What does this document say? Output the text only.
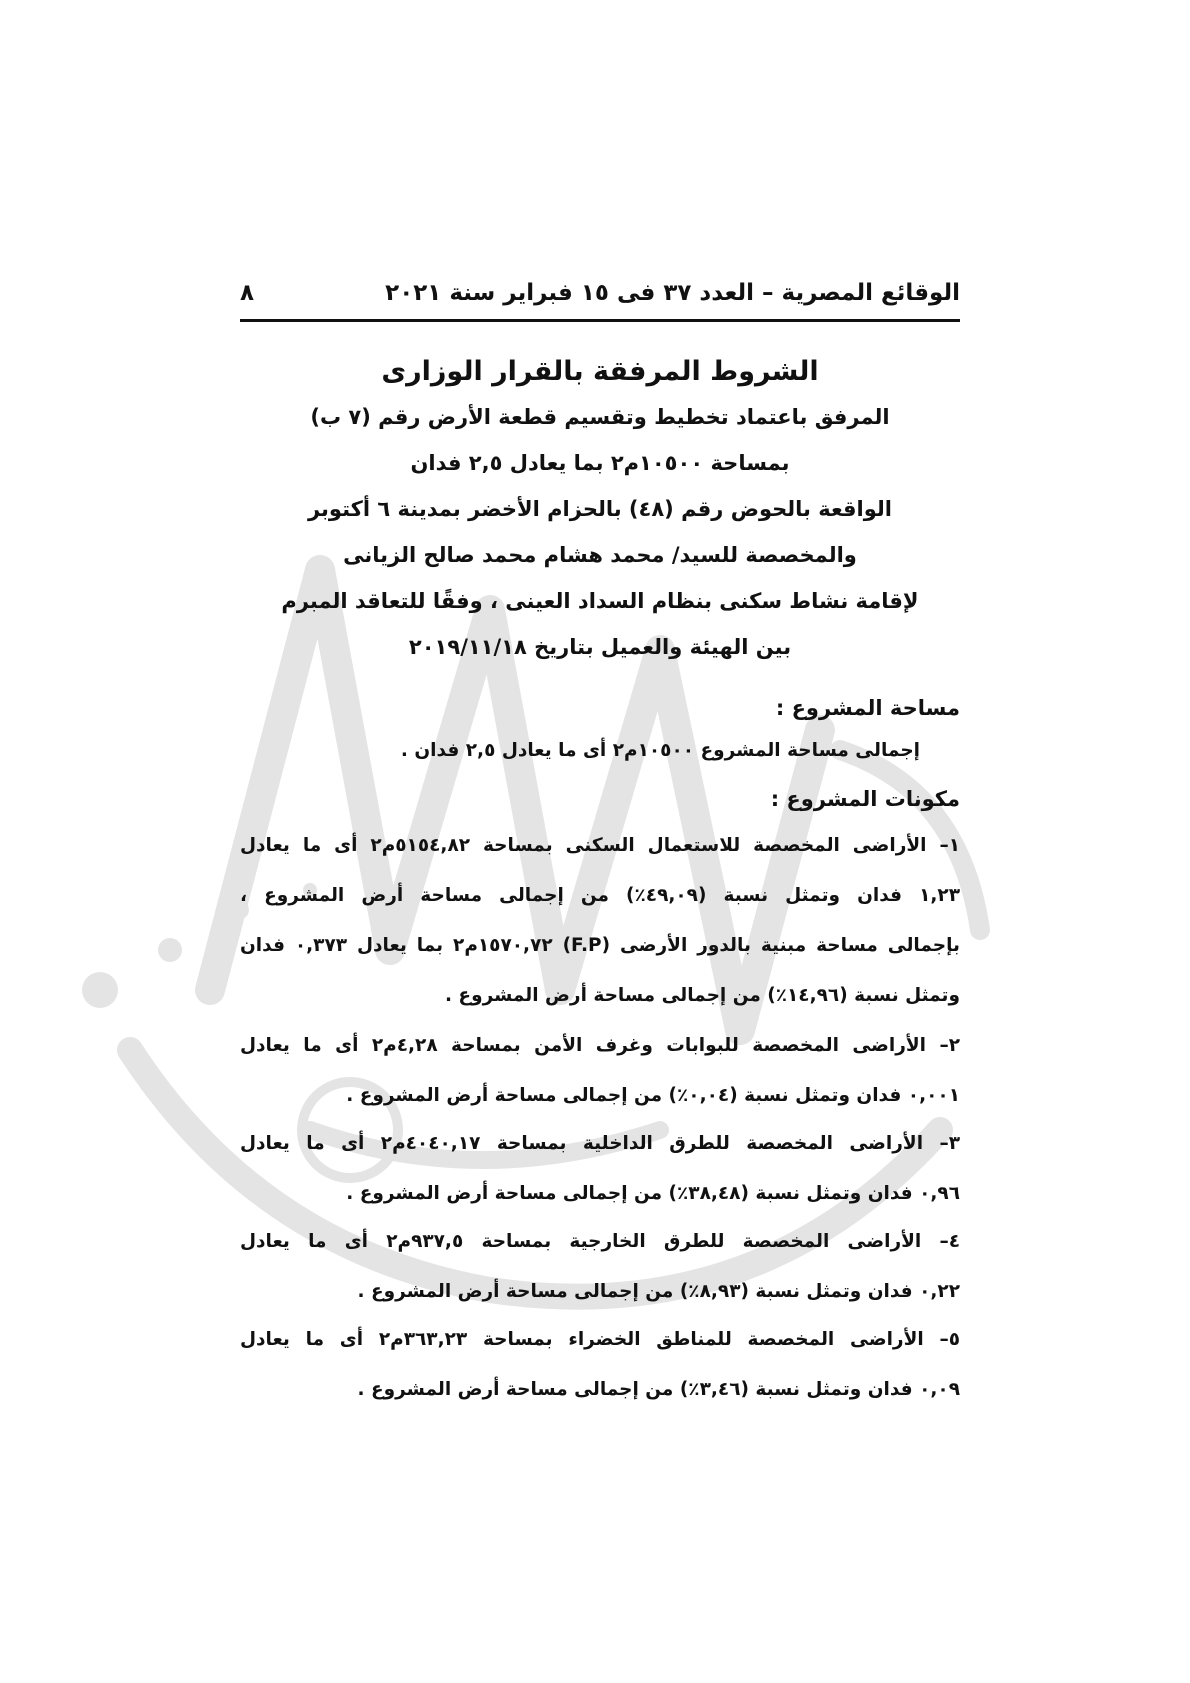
الوقائع المصرية – العدد ٣٧ فى ١٥ فبراير سنة ٢٠٢١
٨

الشروط المرفقة بالقرار الوزارى

المرفق باعتماد تخطيط وتقسيم قطعة الأرض رقم (٧ ب)

بمساحة ١٠٥٠٠م٢ بما يعادل ٢,٥ فدان

الواقعة بالحوض رقم (٤٨) بالحزام الأخضر بمدينة ٦ أكتوبر

والمخصصة للسيد/ محمد هشام محمد صالح الزيانى

لإقامة نشاط سكنى بنظام السداد العينى ، وفقًا للتعاقد المبرم

بين الهيئة والعميل بتاريخ ٢٠١٩/١١/١٨

مساحة المشروع :
إجمالى مساحة المشروع ١٠٥٠٠م٢ أى ما يعادل ٢,٥ فدان .
مكونات المشروع :
١– الأراضى المخصصة للاستعمال السكنى بمساحة ٥١٥٤,٨٢م٢ أى ما يعادل
١,٢٣ فدان وتمثل نسبة (٤٩,٠٩٪) من إجمالى مساحة أرض المشروع ،
بإجمالى مساحة مبنية بالدور الأرضى (F.P) ١٥٧٠,٧٢م٢ بما يعادل ٠,٣٧٣ فدان
وتمثل نسبة (١٤,٩٦٪) من إجمالى مساحة أرض المشروع .
٢– الأراضى المخصصة للبوابات وغرف الأمن بمساحة ٤,٢٨م٢ أى ما يعادل
٠,٠٠١ فدان وتمثل نسبة (٠,٠٤٪) من إجمالى مساحة أرض المشروع .
٣– الأراضى المخصصة للطرق الداخلية بمساحة ٤٠٤٠,١٧م٢ أى ما يعادل
٠,٩٦ فدان وتمثل نسبة (٣٨,٤٨٪) من إجمالى مساحة أرض المشروع .
٤– الأراضى المخصصة للطرق الخارجية بمساحة ٩٣٧,٥م٢ أى ما يعادل
٠,٢٢ فدان وتمثل نسبة (٨,٩٣٪) من إجمالى مساحة أرض المشروع .
٥– الأراضى المخصصة للمناطق الخضراء بمساحة ٣٦٣,٢٣م٢ أى ما يعادل
٠,٠٩ فدان وتمثل نسبة (٣,٤٦٪) من إجمالى مساحة أرض المشروع .
